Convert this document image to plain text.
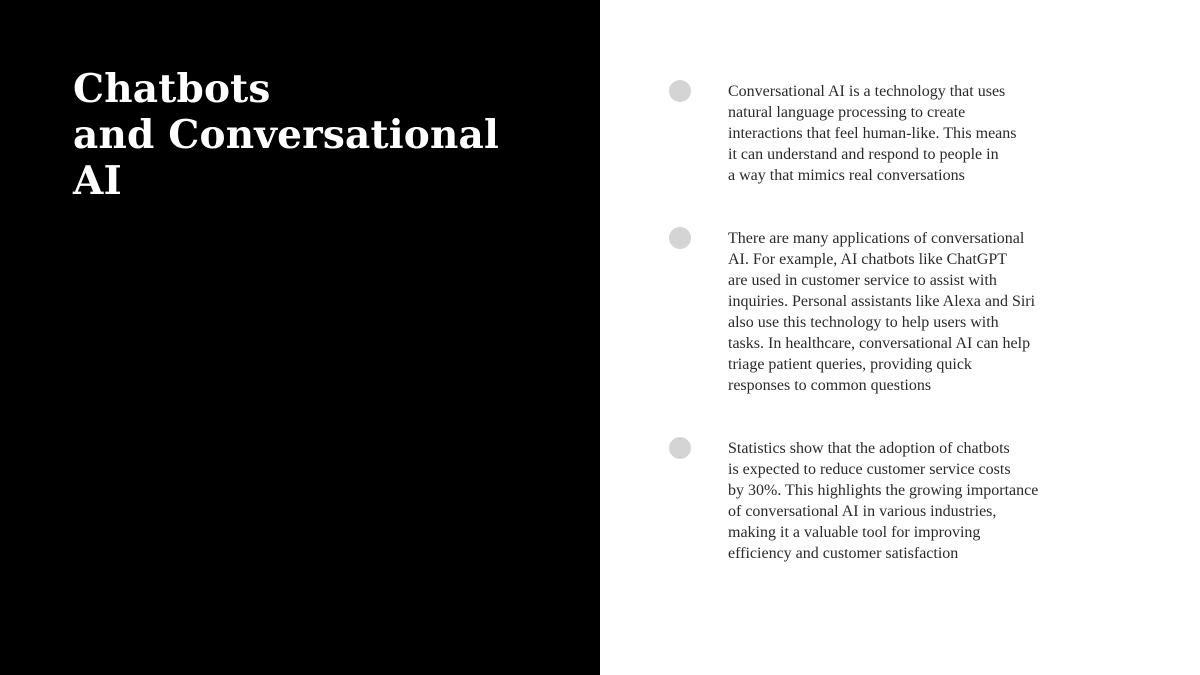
Chatbots
and Conversational
AI
Conversational AI is a technology that uses
natural language processing to create
interactions that feel human-like. This means
it can understand and respond to people in
a way that mimics real conversations
There are many applications of conversational
AI. For example, AI chatbots like ChatGPT
are used in customer service to assist with
inquiries. Personal assistants like Alexa and Siri
also use this technology to help users with
tasks. In healthcare, conversational AI can help
triage patient queries, providing quick
responses to common questions
Statistics show that the adoption of chatbots
is expected to reduce customer service costs
by 30%. This highlights the growing importance
of conversational AI in various industries,
making it a valuable tool for improving
efficiency and customer satisfaction
